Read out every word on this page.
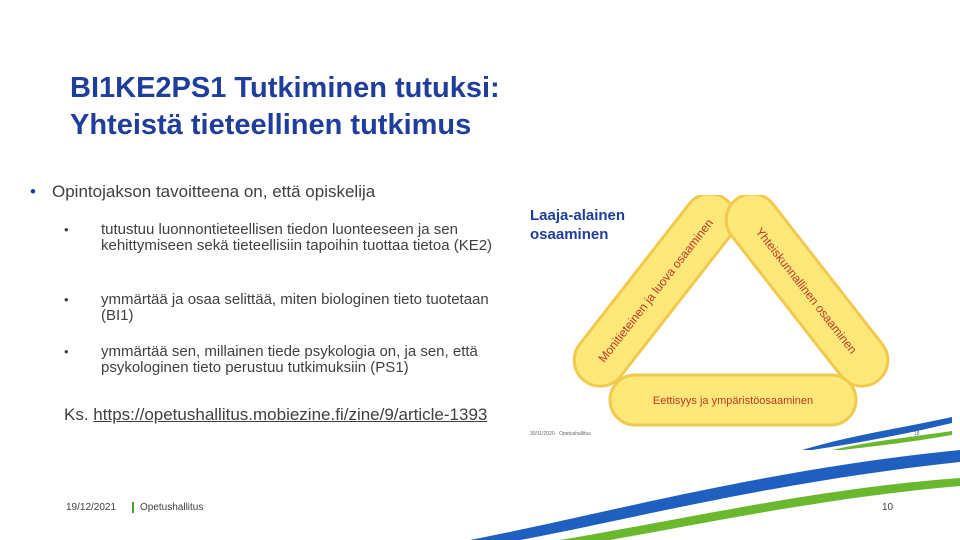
BI1KE2PS1 Tutkiminen tutuksi:
Yhteistä tieteellinen tutkimus
• Opintojakson tavoitteena on, että opiskelija
• tutustuu luonnontieteellisen tiedon luonteeseen ja sen kehittymiseen sekä tieteellisiin tapoihin tuottaa tietoa (KE2)
• ymmärtää ja osaa selittää, miten biologinen tieto tuotetaan (BI1)
• ymmärtää sen, millainen tiede psykologia on, ja sen, että psykologinen tieto perustuu tutkimuksiin (PS1)
Ks. https://opetushallitus.mobiezine.fi/zine/9/article-1393
Laaja-alainen
osaaminen
Monitieteinen ja luova osaaminen	Yhteiskunnallinen osaaminen
Eettisyys ja ympäristöosaaminen
30/11/2020 · Opetushallitus	18
19/12/2021 Opetushallitus	10
